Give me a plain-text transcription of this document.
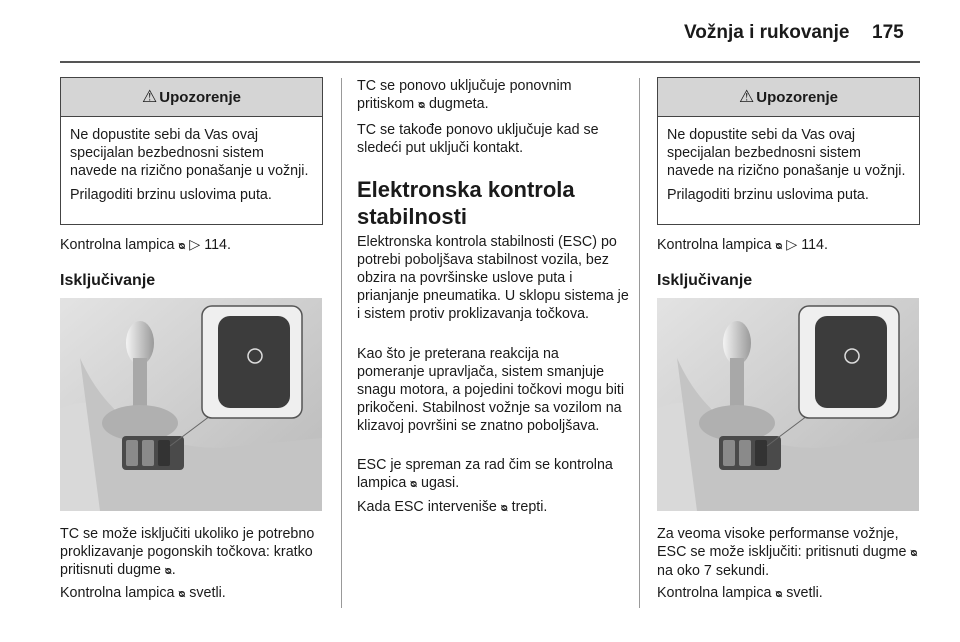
Vožnja i rukovanje 175
⚠ Upozorenje

Ne dopustite sebi da Vas ovaj specijalan bezbednosni sistem navede na rizično ponašanje u vožnji.

Prilagoditi brzinu uslovima puta.

Kontrolna lampica ᴓ ▷ 114.

Isključivanje

TC se može isključiti ukoliko je potrebno proklizavanje pogonskih točkova: kratko pritisnuti dugme ᴓ.

Kontrolna lampica ᴓ svetli.

TC se ponovo uključuje ponovnim pritiskom ᴓ dugmeta.

TC se takođe ponovo uključuje kad se sledeći put uključi kontakt.

Elektronska kontrola stabilnosti

Elektronska kontrola stabilnosti (ESC) po potrebi poboljšava stabilnost vozila, bez obzira na površinske uslove puta i prianjanje pneumatika. U sklopu sistema je i sistem protiv proklizavanja točkova.

Kao što je preterana reakcija na pomeranje upravljača, sistem smanjuje snagu motora, a pojedini točkovi mogu biti prikočeni. Stabilnost vožnje sa vozilom na klizavoj površini se znatno poboljšava.

ESC je spreman za rad čim se kontrolna lampica ᴓ ugasi.

Kada ESC interveniše ᴓ trepti.

⚠ Upozorenje

Ne dopustite sebi da Vas ovaj specijalan bezbednosni sistem navede na rizično ponašanje u vožnji.

Prilagoditi brzinu uslovima puta.

Kontrolna lampica ᴓ ▷ 114.

Isključivanje

Za veoma visoke performanse vožnje, ESC se može isključiti: pritisnuti dugme ᴓ na oko 7 sekundi.

Kontrolna lampica ᴓ svetli.
